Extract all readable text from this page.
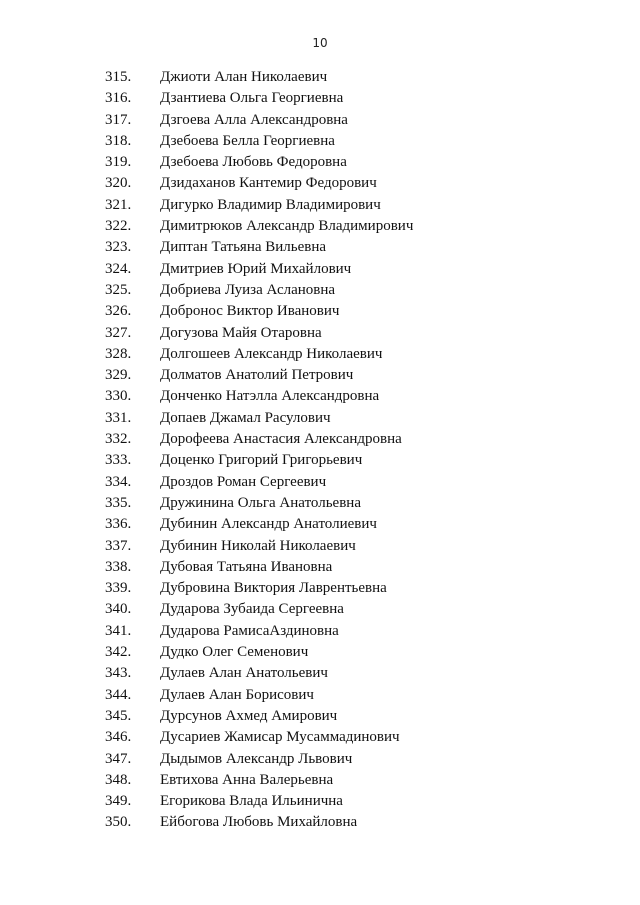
10
315.	Джиоти Алан Николаевич
316.	Дзантиева Ольга Георгиевна
317.	Дзгоева Алла Александровна
318.	Дзебоева Белла Георгиевна
319.	Дзебоева Любовь Федоровна
320.	Дзидаханов Кантемир Федорович
321.	Дигурко Владимир Владимирович
322.	Димитрюков Александр Владимирович
323.	Диптан Татьяна Вильевна
324.	Дмитриев Юрий Михайлович
325.	Добриева Луиза Аслановна
326.	Добронос Виктор Иванович
327.	Догузова Майя Отаровна
328.	Долгошеев Александр Николаевич
329.	Долматов Анатолий Петрович
330.	Донченко Натэлла Александровна
331.	Допаев Джамал Расулович
332.	Дорофеева Анастасия Александровна
333.	Доценко Григорий Григорьевич
334.	Дроздов Роман Сергеевич
335.	Дружинина Ольга Анатольевна
336.	Дубинин Александр Анатолиевич
337.	Дубинин Николай Николаевич
338.	Дубовая Татьяна Ивановна
339.	Дубровина Виктория Лаврентьевна
340.	Дударова Зубаида Сергеевна
341.	Дударова РамисаАздиновна
342.	Дудко Олег Семенович
343.	Дулаев Алан Анатольевич
344.	Дулаев Алан Борисович
345.	Дурсунов Ахмед Амирович
346.	Дусариев Жамисар Мусаммадинович
347.	Дыдымов Александр Львович
348.	Евтихова Анна Валерьевна
349.	Егорикова Влада Ильинична
350.	Ейбогова Любовь Михайловна
